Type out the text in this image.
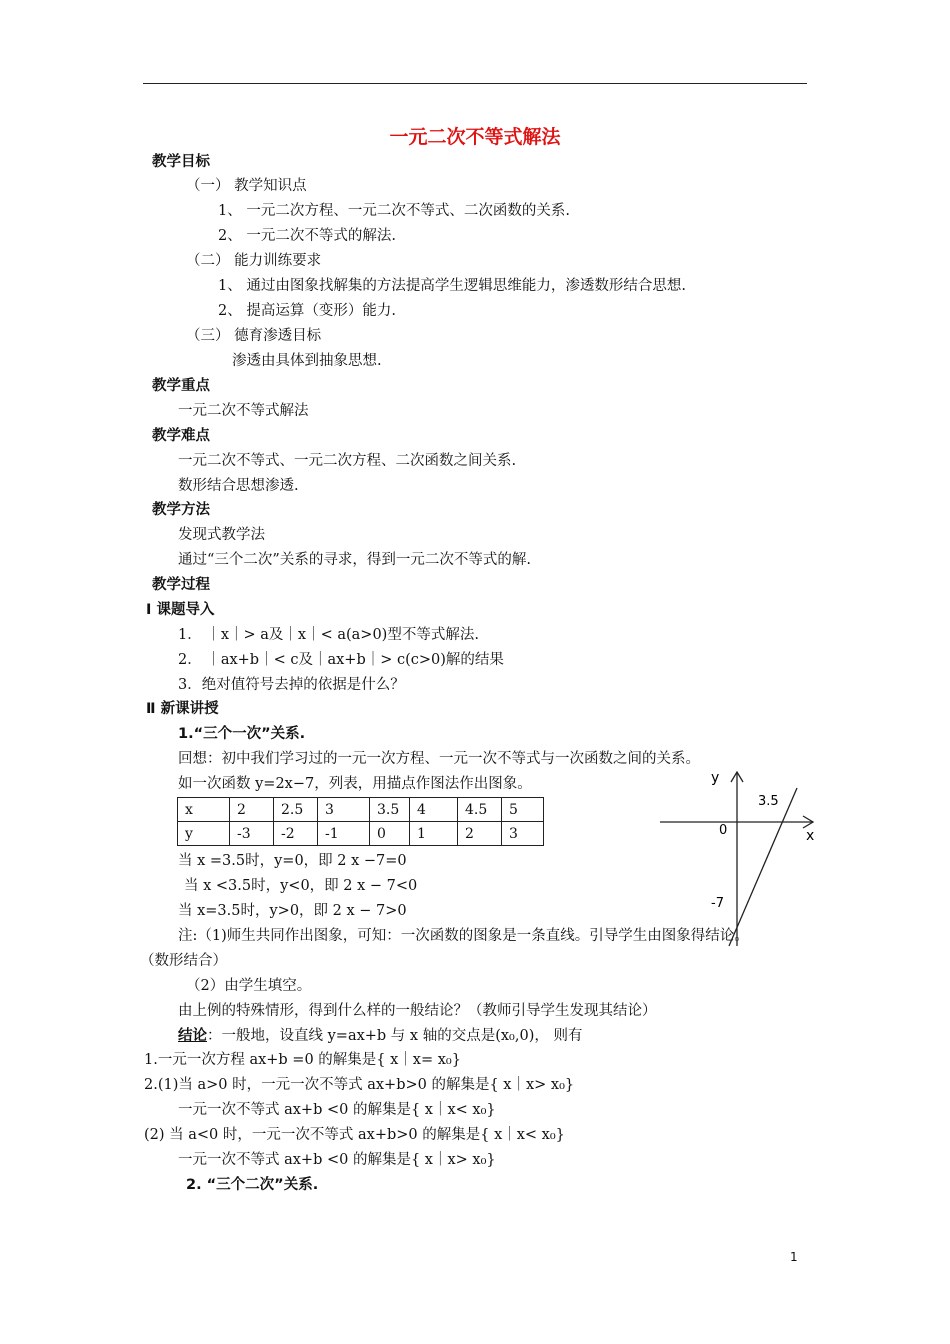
一元二次不等式解法
教学目标
（一） 教学知识点
1、 一元二次方程、一元二次不等式、二次函数的关系.
2、 一元二次不等式的解法.
（二） 能力训练要求
1、 通过由图象找解集的方法提高学生逻辑思维能力，渗透数形结合思想.
2、 提高运算（变形）能力.
（三） 德育渗透目标
渗透由具体到抽象思想.
教学重点
一元二次不等式解法
教学难点
一元二次不等式、一元二次方程、二次函数之间关系.
数形结合思想渗透.
教学方法
发现式教学法
通过“三个二次”关系的寻求，得到一元二次不等式的解.
教学过程
Ⅰ 课题导入
1． ｜x｜> a及｜x｜< a(a>0)型不等式解法.
2． ｜ax+b｜< c及｜ax+b｜> c(c>0)解的结果
3．绝对值符号去掉的依据是什么？
Ⅱ 新课讲授
1.“三个一次”关系.
回想：初中我们学习过的一元一次方程、一元一次不等式与一次函数之间的关系。
如一次函数 y=2x−7，列表，用描点作图法作出图象。
当 x =3.5时，y=0，即 2 x −7=0
当 x <3.5时，y<0，即 2 x − 7<0
当 x=3.5时，y>0，即 2 x − 7>0
注:（1)师生共同作出图象，可知：一次函数的图象是一条直线。引导学生由图象得结论。
（数形结合）
（2）由学生填空。
由上例的特殊情形，得到什么样的一般结论？（教师引导学生发现其结论）
1.一元一次方程 ax+b =0 的解集是{ x｜x= x₀}
2.(1)当 a>0 时，一元一次不等式 ax+b>0 的解集是{ x｜x> x₀}
一元一次不等式 ax+b <0 的解集是{ x｜x< x₀}
(2) 当 a<0 时，一元一次不等式 ax+b>0 的解集是{ x｜x< x₀}
一元一次不等式 ax+b <0 的解集是{ x｜x> x₀}
2. “三个二次”关系.
结论：一般地，设直线 y=ax+b 与 x 轴的交点是(x₀,0)， 则有
x	2	2.5	3	3.5	4	4.5	5
y	-3	-2	-1	0	1	2	3
y
x
0
3.5
-7
1
